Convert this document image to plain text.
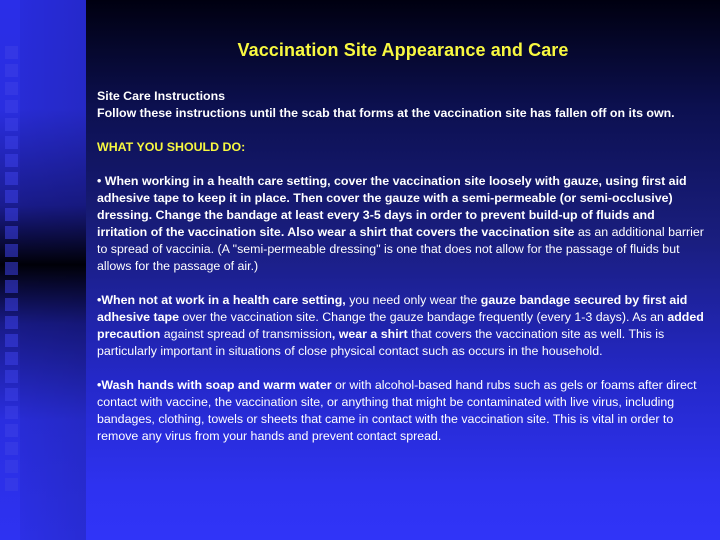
Vaccination Site Appearance and Care

Site Care Instructions

Follow these instructions until the scab that forms at the vaccination site has fallen off on its own.

WHAT YOU SHOULD DO:

• When working in a health care setting, cover the vaccination site loosely with gauze, using first aid adhesive tape to keep it in place. Then cover the gauze with a semi-permeable (or semi-occlusive) dressing. Change the bandage at least every 3-5 days in order to prevent build-up of fluids and irritation of the vaccination site. Also wear a shirt that covers the vaccination site as an additional barrier to spread of vaccinia. (A "semi-permeable dressing" is one that does not allow for the passage of fluids but allows for the passage of air.)

•When not at work in a health care setting, you need only wear the gauze bandage secured by first aid adhesive tape over the vaccination site. Change the gauze bandage frequently (every 1-3 days). As an added precaution against spread of transmission, wear a shirt that covers the vaccination site as well. This is particularly important in situations of close physical contact such as occurs in the household.

•Wash hands with soap and warm water or with alcohol-based hand rubs such as gels or foams after direct contact with vaccine, the vaccination site, or anything that might be contaminated with live virus, including bandages, clothing, towels or sheets that came in contact with the vaccination site. This is vital in order to remove any virus from your hands and prevent contact spread.
